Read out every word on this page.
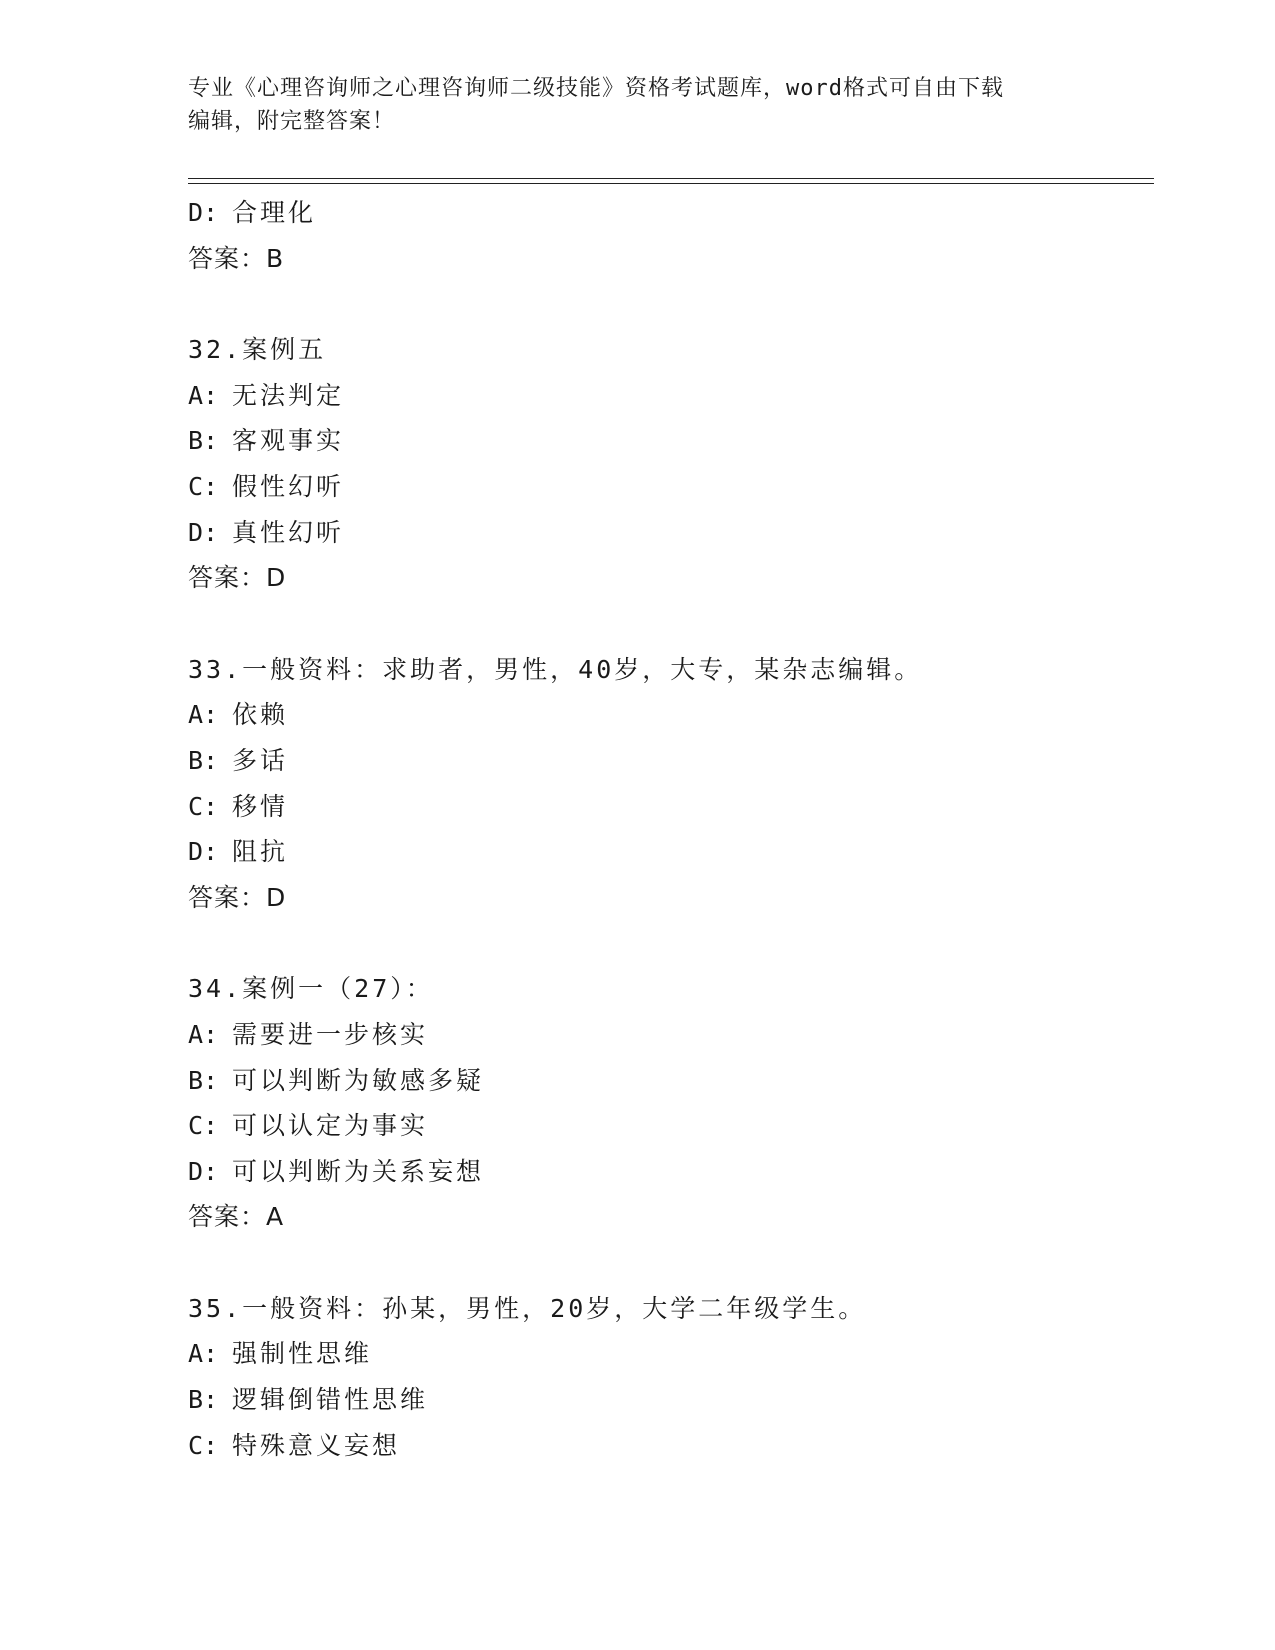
专业《心理咨询师之心理咨询师二级技能》资格考试题库，word格式可自由下载
编辑，附完整答案！
D: 合理化
答案：B
32.案例五
A: 无法判定
B: 客观事实
C: 假性幻听
D: 真性幻听
答案：D
33.一般资料：求助者，男性，40岁，大专，某杂志编辑。
A: 依赖
B: 多话
C: 移情
D: 阻抗
答案：D
34.案例一（27）：
A: 需要进一步核实
B: 可以判断为敏感多疑
C: 可以认定为事实
D: 可以判断为关系妄想
答案：A
35.一般资料：孙某，男性，20岁，大学二年级学生。
A: 强制性思维
B: 逻辑倒错性思维
C: 特殊意义妄想
